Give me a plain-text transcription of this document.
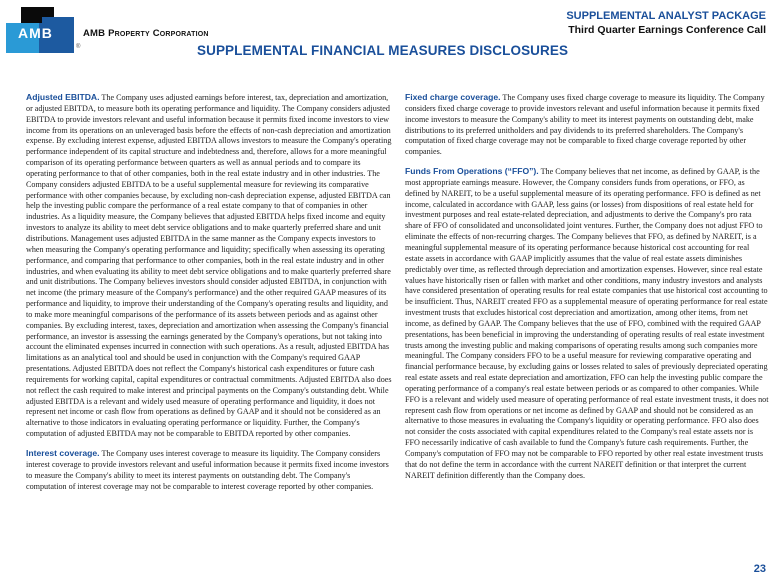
AMB
®
AMB Property Corporation
SUPPLEMENTAL ANALYST PACKAGE
Third Quarter Earnings Conference Call
SUPPLEMENTAL FINANCIAL MEASURES DISCLOSURES

Adjusted EBITDA. The Company uses adjusted earnings before interest, tax, depreciation and amortization, or adjusted EBITDA, to measure both its operating performance and liquidity. The Company considers adjusted EBITDA to provide investors relevant and useful information because it permits fixed income investors to view income from its operations on an unleveraged basis before the effects of non-cash depreciation and amortization expense. By excluding interest expense, adjusted EBITDA allows investors to measure the Company's operating performance independent of its capital structure and indebtedness and, therefore, allows for a more meaningful comparison of its operating performance between quarters as well as annual periods and to compare its operating performance to that of other companies, both in the real estate industry and in other industries. The Company considers adjusted EBITDA to be a useful supplemental measure for reviewing its comparative performance with other companies because, by excluding non-cash depreciation expense, adjusted EBITDA can help the investing public compare the performance of a real estate company to that of companies in other industries. As a liquidity measure, the Company believes that adjusted EBITDA helps fixed income and equity investors to analyze its ability to meet debt service obligations and to make quarterly preferred share and unit distributions. Management uses adjusted EBITDA in the same manner as the Company expects investors to when measuring the Company's operating performance and liquidity; specifically when assessing its operating performance, and comparing that performance to other companies, both in the real estate industry and in other industries, and when evaluating its ability to meet debt service obligations and to make quarterly preferred share and unit distributions. The Company believes investors should consider adjusted EBITDA, in conjunction with net income (the primary measure of the Company's performance) and the other required GAAP measures of its performance and liquidity, to improve their understanding of the Company's operating results and liquidity, and to make more meaningful comparisons of the performance of its assets between periods and as against other companies. By excluding interest, taxes, depreciation and amortization when assessing the Company's financial performance, an investor is assessing the earnings generated by the Company's operations, but not taking into account the eliminated expenses incurred in connection with such operations. As a result, adjusted EBITDA has limitations as an analytical tool and should be used in conjunction with the Company's required GAAP presentations. Adjusted EBITDA does not reflect the Company's historical cash expenditures or future cash requirements for working capital, capital expenditures or contractual commitments. Adjusted EBITDA also does not reflect the cash required to make interest and principal payments on the Company's outstanding debt. While adjusted EBITDA is a relevant and widely used measure of operating performance and liquidity, it does not represent net income or cash flow from operations as defined by GAAP and it should not be considered as an alternative to those indicators in evaluating operating performance or liquidity. Further, the Company's computation of adjusted EBITDA may not be comparable to EBITDA reported by other companies.

Interest coverage. The Company uses interest coverage to measure its liquidity. The Company considers interest coverage to provide investors relevant and useful information because it permits fixed income investors to measure the Company's ability to meet its interest payments on outstanding debt. The Company's computation of interest coverage may not be comparable to interest coverage reported by other companies.

Fixed charge coverage. The Company uses fixed charge coverage to measure its liquidity. The Company considers fixed charge coverage to provide investors relevant and useful information because it permits fixed income investors to measure the Company's ability to meet its interest payments on outstanding debt, make distributions to its preferred unitholders and pay dividends to its preferred shareholders. The Company's computation of fixed charge coverage may not be comparable to fixed charge coverage reported by other companies.

Funds From Operations (“FFO”). The Company believes that net income, as defined by GAAP, is the most appropriate earnings measure. However, the Company considers funds from operations, or FFO, as defined by NAREIT, to be a useful supplemental measure of its operating performance. FFO is defined as net income, calculated in accordance with GAAP, less gains (or losses) from dispositions of real estate held for investment purposes and real estate-related depreciation, and adjustments to derive the Company's pro rata share of FFO of consolidated and unconsolidated joint ventures. Further, the Company does not adjust FFO to eliminate the effects of non-recurring charges. The Company believes that FFO, as defined by NAREIT, is a meaningful supplemental measure of its operating performance because historical cost accounting for real estate assets in accordance with GAAP implicitly assumes that the value of real estate assets diminishes predictably over time, as reflected through depreciation and amortization expenses. However, since real estate values have historically risen or fallen with market and other conditions, many industry investors and analysts have considered presentation of operating results for real estate companies that use historical cost accounting to be insufficient. Thus, NAREIT created FFO as a supplemental measure of operating performance for real estate investment trusts that excludes historical cost depreciation and amortization, among other items, from net income, as defined by GAAP. The Company believes that the use of FFO, combined with the required GAAP presentations, has been beneficial in improving the understanding of operating results of real estate investment trusts among the investing public and making comparisons of operating results among such companies more meaningful. The Company considers FFO to be a useful measure for reviewing comparative operating and financial performance because, by excluding gains or losses related to sales of previously depreciated operating real estate assets and real estate depreciation and amortization, FFO can help the investing public compare the operating performance of a company's real estate between periods or as compared to other companies. While FFO is a relevant and widely used measure of operating performance of real estate investment trusts, it does not represent cash flow from operations or net income as defined by GAAP and should not be considered as an alternative to those measures in evaluating the Company's liquidity or operating performance. FFO also does not consider the costs associated with capital expenditures related to the Company's real estate assets nor is FFO necessarily indicative of cash available to fund the Company's future cash requirements. Further, the Company's computation of FFO may not be comparable to FFO reported by other real estate investment trusts that do not define the term in accordance with the current NAREIT definition or that interpret the current NAREIT definition differently than the Company does.

23
